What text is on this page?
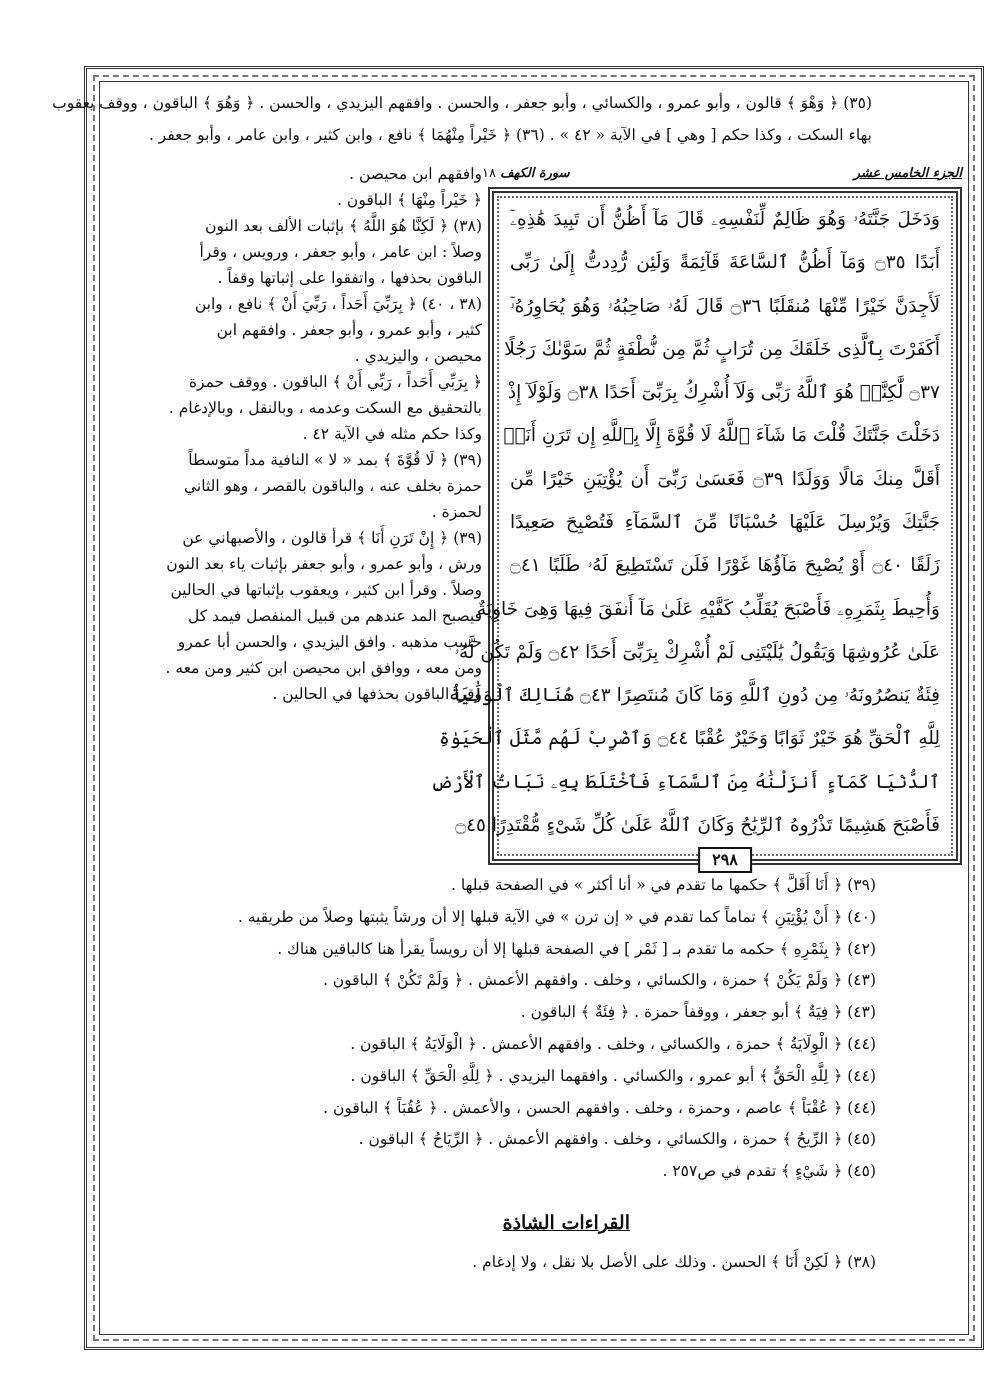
(٣٥) ﴿ وَهْوَ ﴾ قالون ، وأبو عمرو ، والكسائي ، وأبو جعفر ، والحسن . وافقهم اليزيدي ، والحسن . ﴿ وَهُوَ ﴾ الباقون ، ووقف يعقوب
بهاء السكت ، وكذا حكم [ وهي ] في الآية « ٤٢ » . (٣٦) ﴿ خَيْراً مِنْهُمَا ﴾ نافع ، وابن كثير ، وابن عامر ، وأبو جعفر .

وافقهم ابن محيصن .

﴿ خَيْراً مِنْهَا ﴾ الباقون .

(٣٨) ﴿ لَكِنَّا هُوَ اللَّهُ ﴾ بإثبات الألف بعد النون

وصلاً : ابن عامر ، وأبو جعفر ، ورويس ، وقرأ

الباقون بحذفها ، واتفقوا على إثباتها وقفاً .

(٣٨ ، ٤٠) ﴿ بِرَبِّيَ أَحَداً ، رَبِّيَ أَنْ ﴾ نافع ، وابن

كثير ، وأبو عمرو ، وأبو جعفر . وافقهم ابن

محيصن ، واليزيدي .

﴿ بِرَبِّي أَحَداً ، رَبِّي أَنْ ﴾ الباقون . ووقف حمزة

بالتحقيق مع السكت وعدمه ، وبالنقل ، وبالإدغام .

وكذا حكم مثله في الآية ٤٢ .

(٣٩) ﴿ لَا قُوَّةَ ﴾ بمد « لا » النافية مداً متوسطاً

حمزة بخلف عنه ، والباقون بالقصر ، وهو الثاني

لحمزة .

(٣٩) ﴿ إِنْ تَرَنِ أَنَا ﴾ قرأ قالون ، والأصبهاني عن

ورش ، وأبو عمرو ، وأبو جعفر بإثبات ياء بعد النون

وصلاً . وقرأ ابن كثير ، ويعقوب بإثباتها في الحالين

فيصبح المد عندهم من قبيل المنفصل فيمد كل

حسب مذهبه . وافق اليزيدي ، والحسن أبا عمرو

ومن معه ، ووافق ابن محيصن ابن كثير ومن معه .

وقرأ الباقون بحذفها في الحالين .

الجزء الخامس عشر
سورة الكهف ١٨
وَدَخَلَ جَنَّتَهُۥ وَهُوَ ظَالِمٌ لِّنَفْسِهِۦ قَالَ مَآ أَظُنُّ أَن تَبِيدَ هَٰذِهِۦٓ
أَبَدًا ۝٣٥ وَمَآ أَظُنُّ ٱلسَّاعَةَ قَآئِمَةً وَلَئِن رُّدِدتُّ إِلَىٰ رَبِّى
لَأَجِدَنَّ خَيْرًا مِّنْهَا مُنقَلَبًا ۝٣٦ قَالَ لَهُۥ صَاحِبُهُۥ وَهُوَ يُحَاوِرُهُۥٓ
أَكَفَرْتَ بِٱلَّذِى خَلَقَكَ مِن تُرَابٍ ثُمَّ مِن نُّطْفَةٍ ثُمَّ سَوَّىٰكَ رَجُلًا
۝٣٧ لَّٰكِنَّا۠ هُوَ ٱللَّهُ رَبِّى وَلَآ أُشْرِكُ بِرَبِّىٓ أَحَدًا ۝٣٨ وَلَوْلَآ إِذْ
دَخَلْتَ جَنَّتَكَ قُلْتَ مَا شَآءَ ٱللَّهُ لَا قُوَّةَ إِلَّا بِٱللَّهِ إِن تَرَنِ أَنَا۠
أَقَلَّ مِنكَ مَالًا وَوَلَدًا ۝٣٩ فَعَسَىٰ رَبِّىٓ أَن يُؤْتِيَنِ خَيْرًا مِّن
جَنَّتِكَ وَيُرْسِلَ عَلَيْهَا حُسْبَانًا مِّنَ ٱلسَّمَآءِ فَتُصْبِحَ صَعِيدًا
زَلَقًا ۝٤٠ أَوْ يُصْبِحَ مَآؤُهَا غَوْرًا فَلَن تَسْتَطِيعَ لَهُۥ طَلَبًا ۝٤١
وَأُحِيطَ بِثَمَرِهِۦ فَأَصْبَحَ يُقَلِّبُ كَفَّيْهِ عَلَىٰ مَآ أَنفَقَ فِيهَا وَهِىَ خَاوِيَةٌ
عَلَىٰ عُرُوشِهَا وَيَقُولُ يَٰلَيْتَنِى لَمْ أُشْرِكْ بِرَبِّىٓ أَحَدًا ۝٤٢ وَلَمْ تَكُن لَّهُۥ
فِئَةٌ يَنصُرُونَهُۥ مِن دُونِ ٱللَّهِ وَمَا كَانَ مُنتَصِرًا ۝٤٣ هُنَالِكَ ٱلْوَلَٰيَةُ
لِلَّهِ ٱلْحَقِّ هُوَ خَيْرٌ ثَوَابًا وَخَيْرٌ عُقْبًا ۝٤٤ وَٱضْرِبْ لَهُم مَّثَلَ ٱلْحَيَوٰةِ
ٱلدُّنْيَا كَمَآءٍ أَنزَلْنَٰهُ مِنَ ٱلسَّمَآءِ فَٱخْتَلَطَ بِهِۦ نَبَاتُ ٱلْأَرْضِ
فَأَصْبَحَ هَشِيمًا تَذْرُوهُ ٱلرِّيَٰحُ وَكَانَ ٱللَّهُ عَلَىٰ كُلِّ شَىْءٍ مُّقْتَدِرًا ۝٤٥
٢٩٨
(٣٩) ﴿ أَنَا أَقَلَّ ﴾ حكمها ما تقدم في « أنا أكثر » في الصفحة قبلها .
(٤٠) ﴿ أَنْ يُؤْتِيَنِ ﴾ تماماً كما تقدم في « إن ترن » في الآية قبلها إلا أن ورشاً يثبتها وصلاً من طريقيه .
(٤٢) ﴿ بِثَمْرِهِ ﴾ حكمه ما تقدم بـ [ ثَمْر ] في الصفحة قبلها إلا أن رويساً يقرأ هنا كالباقين هناك .
(٤٣) ﴿ وَلَمْ يَكُنْ ﴾ حمزة ، والكسائي ، وخلف . وافقهم الأعمش . ﴿ وَلَمْ تَكُنْ ﴾ الباقون .
(٤٣) ﴿ فِيَةٌ ﴾ أبو جعفر ، ووقفاً حمزة . ﴿ فِئَةٌ ﴾ الباقون .
(٤٤) ﴿ الْوِلَايَةُ ﴾ حمزة ، والكسائي ، وخلف . وافقهم الأعمش . ﴿ الْوَلَايَةُ ﴾ الباقون .
(٤٤) ﴿ لِلَّهِ الْحَقُّ ﴾ أبو عمرو ، والكسائي . وافقهما اليزيدي . ﴿ لِلَّهِ الْحَقِّ ﴾ الباقون .
(٤٤) ﴿ عُقْبَاً ﴾ عاصم ، وحمزة ، وخلف . وافقهم الحسن ، والأعمش . ﴿ عُقُبَاً ﴾ الباقون .
(٤٥) ﴿ الرِّيحُ ﴾ حمزة ، والكسائي ، وخلف . وافقهم الأعمش . ﴿ الرِّيَاحُ ﴾ الباقون .
(٤٥) ﴿ شَيْءٍ ﴾ تقدم في ص٢٥٧ .
القراءات الشاذة
(٣٨) ﴿ لَكِنْ أَنَا ﴾ الحسن . وذلك على الأصل بلا نقل ، ولا إدغام .
